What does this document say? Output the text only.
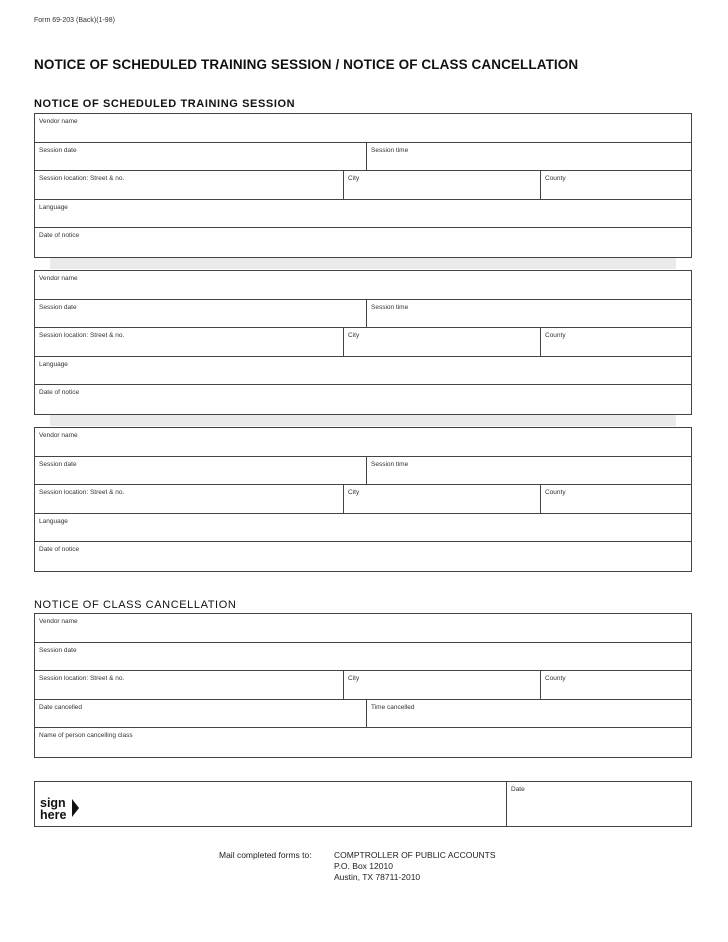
Form 69-203 (Back)(1-98)
NOTICE OF SCHEDULED TRAINING SESSION / NOTICE OF CLASS CANCELLATION
NOTICE OF SCHEDULED TRAINING SESSION
Vendor name
Session date	Session time
Session location: Street & no.	City	County
Language
Date of notice
Vendor name
Session date	Session time
Session location: Street & no.	City	County
Language
Date of notice
Vendor name
Session date	Session time
Session location: Street & no.	City	County
Language
Date of notice
NOTICE OF CLASS CANCELLATION
Vendor name
Session date
Session location: Street & no.	City	County
Date cancelled	Time cancelled
Name of person cancelling class
sign
here
Date
Mail completed forms to:	COMPTROLLER OF PUBLIC ACCOUNTS
P.O. Box 12010
Austin, TX 78711-2010
